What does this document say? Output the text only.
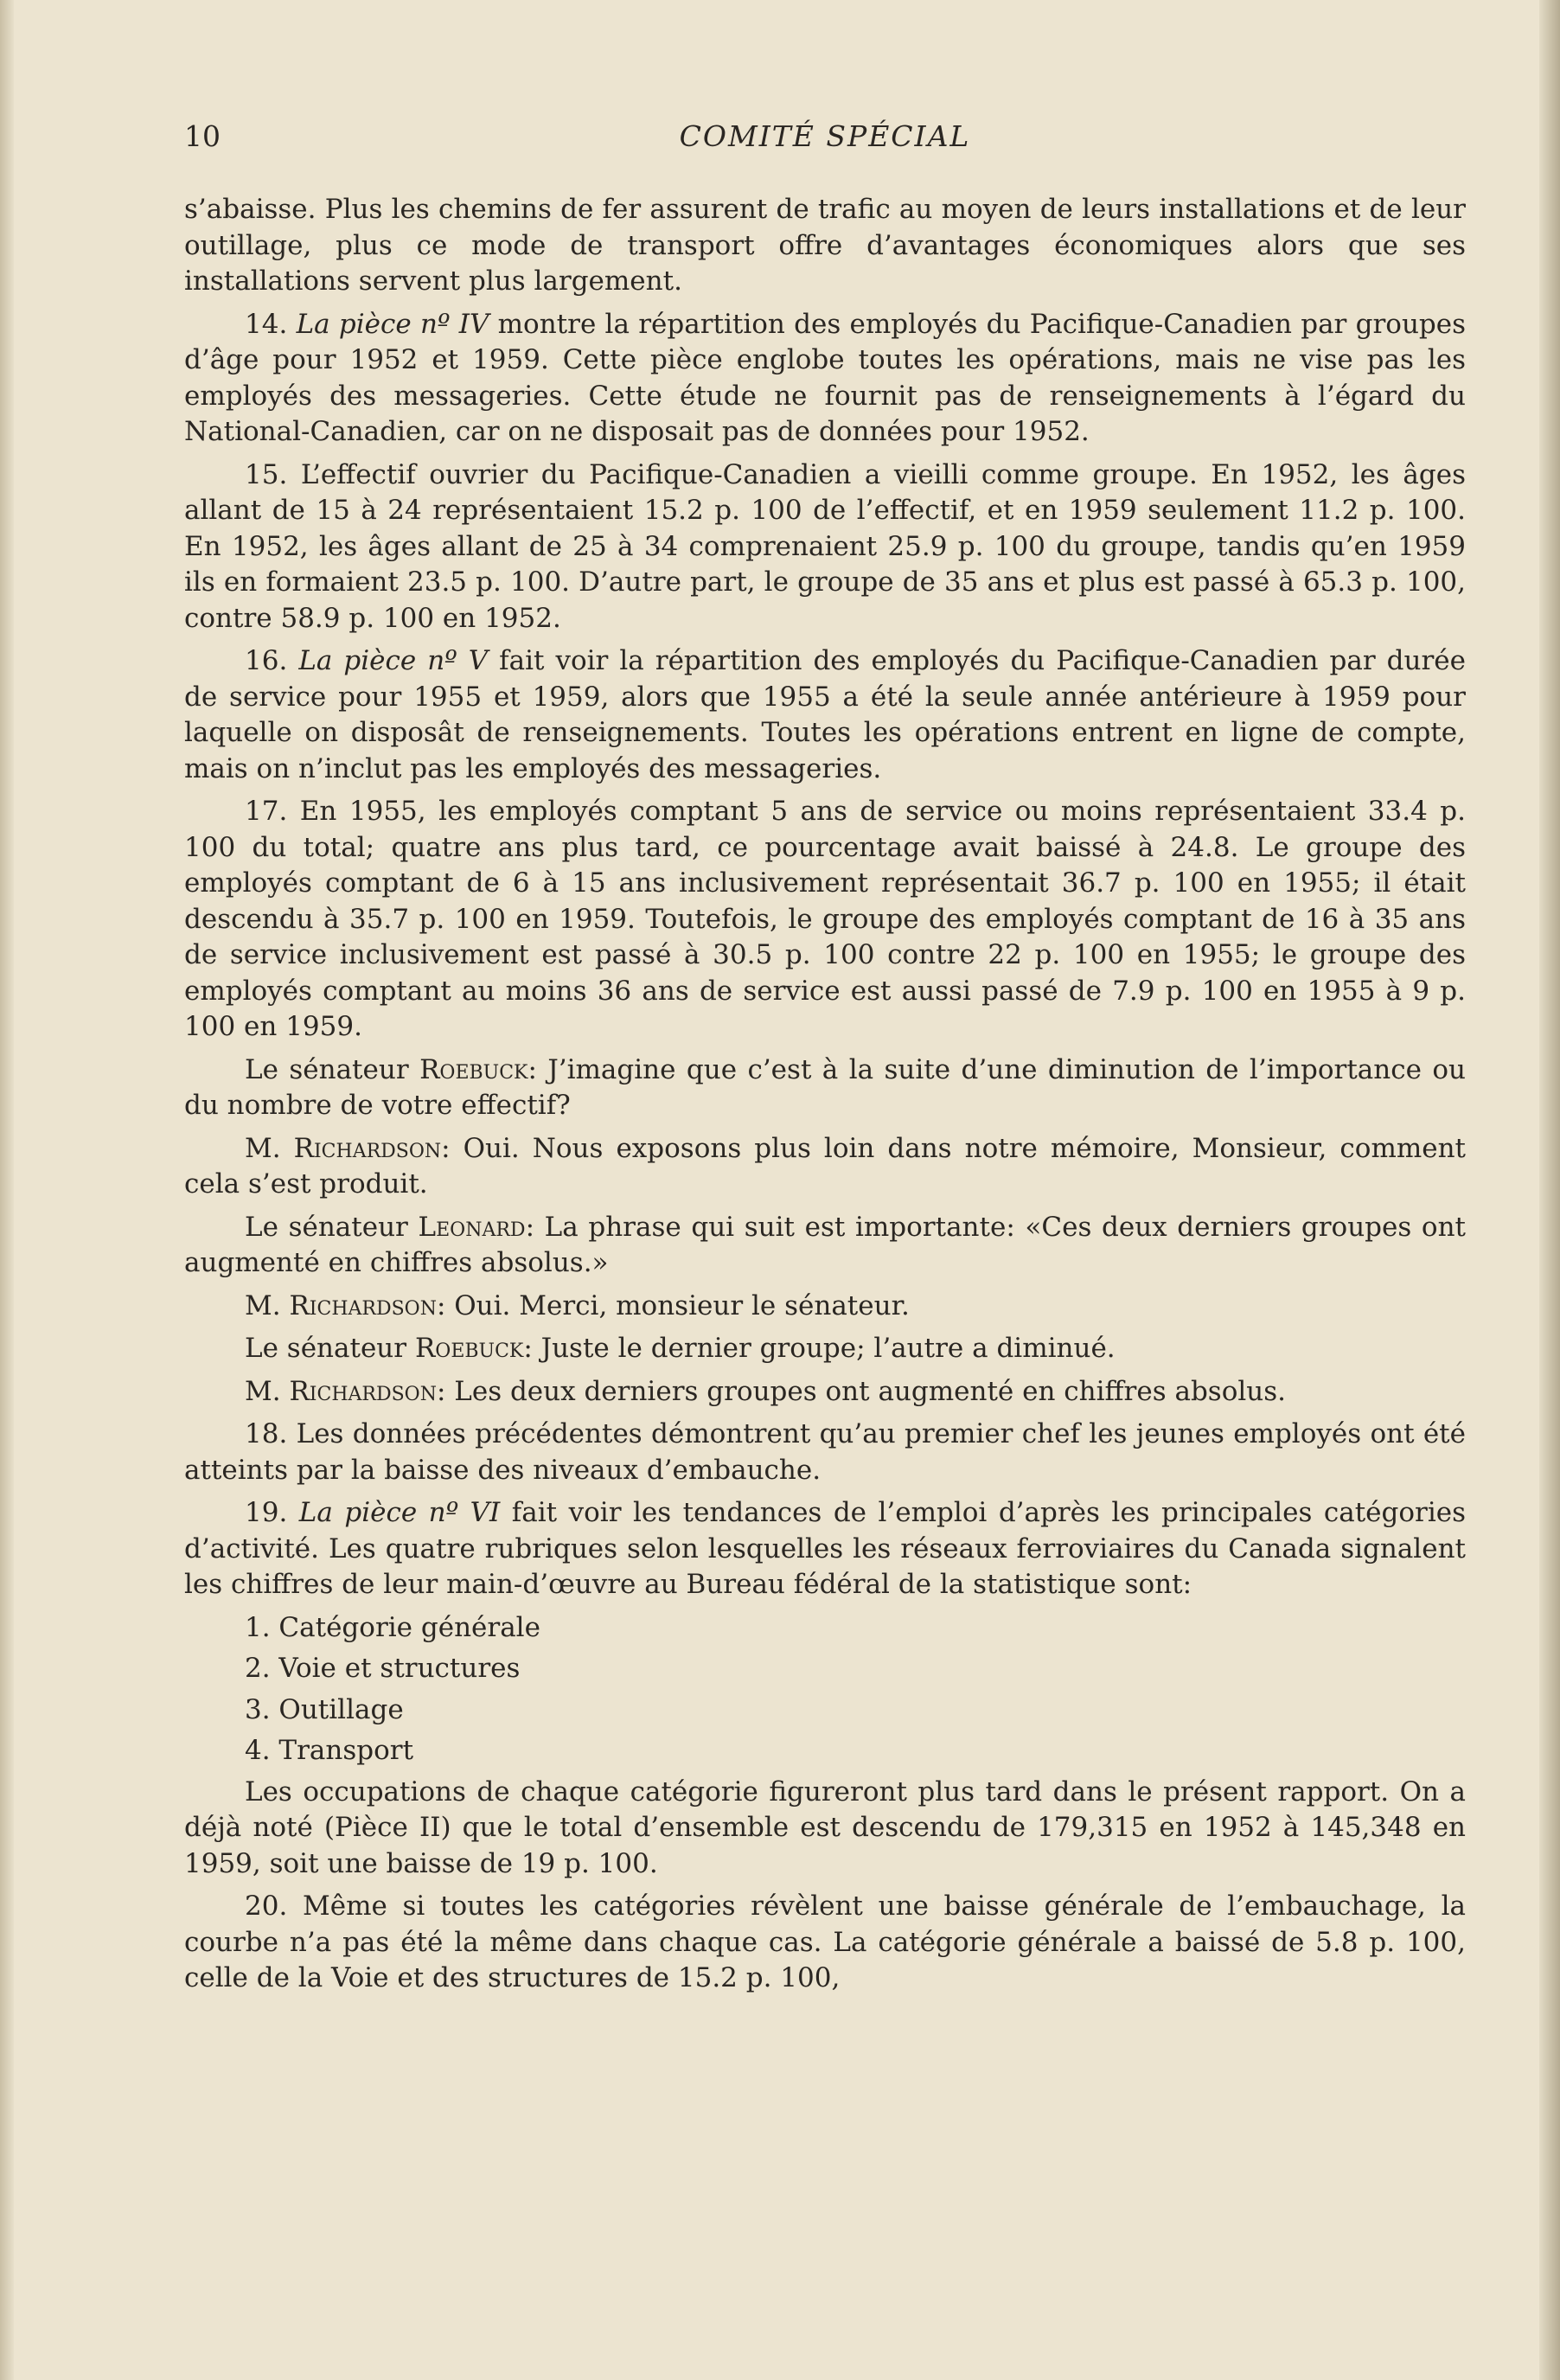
10	COMITÉ SPÉCIAL

s’abaisse. Plus les chemins de fer assurent de trafic au moyen de leurs installations et de leur outillage, plus ce mode de transport offre d’avantages économiques alors que ses installations servent plus largement.

14. La pièce nº IV montre la répartition des employés du Pacifique-Canadien par groupes d’âge pour 1952 et 1959. Cette pièce englobe toutes les opérations, mais ne vise pas les employés des messageries. Cette étude ne fournit pas de renseignements à l’égard du National-Canadien, car on ne disposait pas de données pour 1952.

15. L’effectif ouvrier du Pacifique-Canadien a vieilli comme groupe. En 1952, les âges allant de 15 à 24 représentaient 15.2 p. 100 de l’effectif, et en 1959 seulement 11.2 p. 100. En 1952, les âges allant de 25 à 34 comprenaient 25.9 p. 100 du groupe, tandis qu’en 1959 ils en formaient 23.5 p. 100. D’autre part, le groupe de 35 ans et plus est passé à 65.3 p. 100, contre 58.9 p. 100 en 1952.

16. La pièce nº V fait voir la répartition des employés du Pacifique-Canadien par durée de service pour 1955 et 1959, alors que 1955 a été la seule année antérieure à 1959 pour laquelle on disposât de renseignements. Toutes les opérations entrent en ligne de compte, mais on n’inclut pas les employés des messageries.

17. En 1955, les employés comptant 5 ans de service ou moins représentaient 33.4 p. 100 du total; quatre ans plus tard, ce pourcentage avait baissé à 24.8. Le groupe des employés comptant de 6 à 15 ans inclusivement représentait 36.7 p. 100 en 1955; il était descendu à 35.7 p. 100 en 1959. Toutefois, le groupe des employés comptant de 16 à 35 ans de service inclusivement est passé à 30.5 p. 100 contre 22 p. 100 en 1955; le groupe des employés comptant au moins 36 ans de service est aussi passé de 7.9 p. 100 en 1955 à 9 p. 100 en 1959.

Le sénateur Roebuck: J’imagine que c’est à la suite d’une diminution de l’importance ou du nombre de votre effectif?

M. Richardson: Oui. Nous exposons plus loin dans notre mémoire, Monsieur, comment cela s’est produit.

Le sénateur Leonard: La phrase qui suit est importante: «Ces deux derniers groupes ont augmenté en chiffres absolus.»

M. Richardson: Oui. Merci, monsieur le sénateur.

Le sénateur Roebuck: Juste le dernier groupe; l’autre a diminué.

M. Richardson: Les deux derniers groupes ont augmenté en chiffres absolus.

18. Les données précédentes démontrent qu’au premier chef les jeunes employés ont été atteints par la baisse des niveaux d’embauche.

19. La pièce nº VI fait voir les tendances de l’emploi d’après les principales catégories d’activité. Les quatre rubriques selon lesquelles les réseaux ferroviaires du Canada signalent les chiffres de leur main-d’œuvre au Bureau fédéral de la statistique sont:

1. Catégorie générale

2. Voie et structures

3. Outillage

4. Transport

Les occupations de chaque catégorie figureront plus tard dans le présent rapport. On a déjà noté (Pièce II) que le total d’ensemble est descendu de 179,315 en 1952 à 145,348 en 1959, soit une baisse de 19 p. 100.

20. Même si toutes les catégories révèlent une baisse générale de l’embauchage, la courbe n’a pas été la même dans chaque cas. La catégorie générale a baissé de 5.8 p. 100, celle de la Voie et des structures de 15.2 p. 100,
